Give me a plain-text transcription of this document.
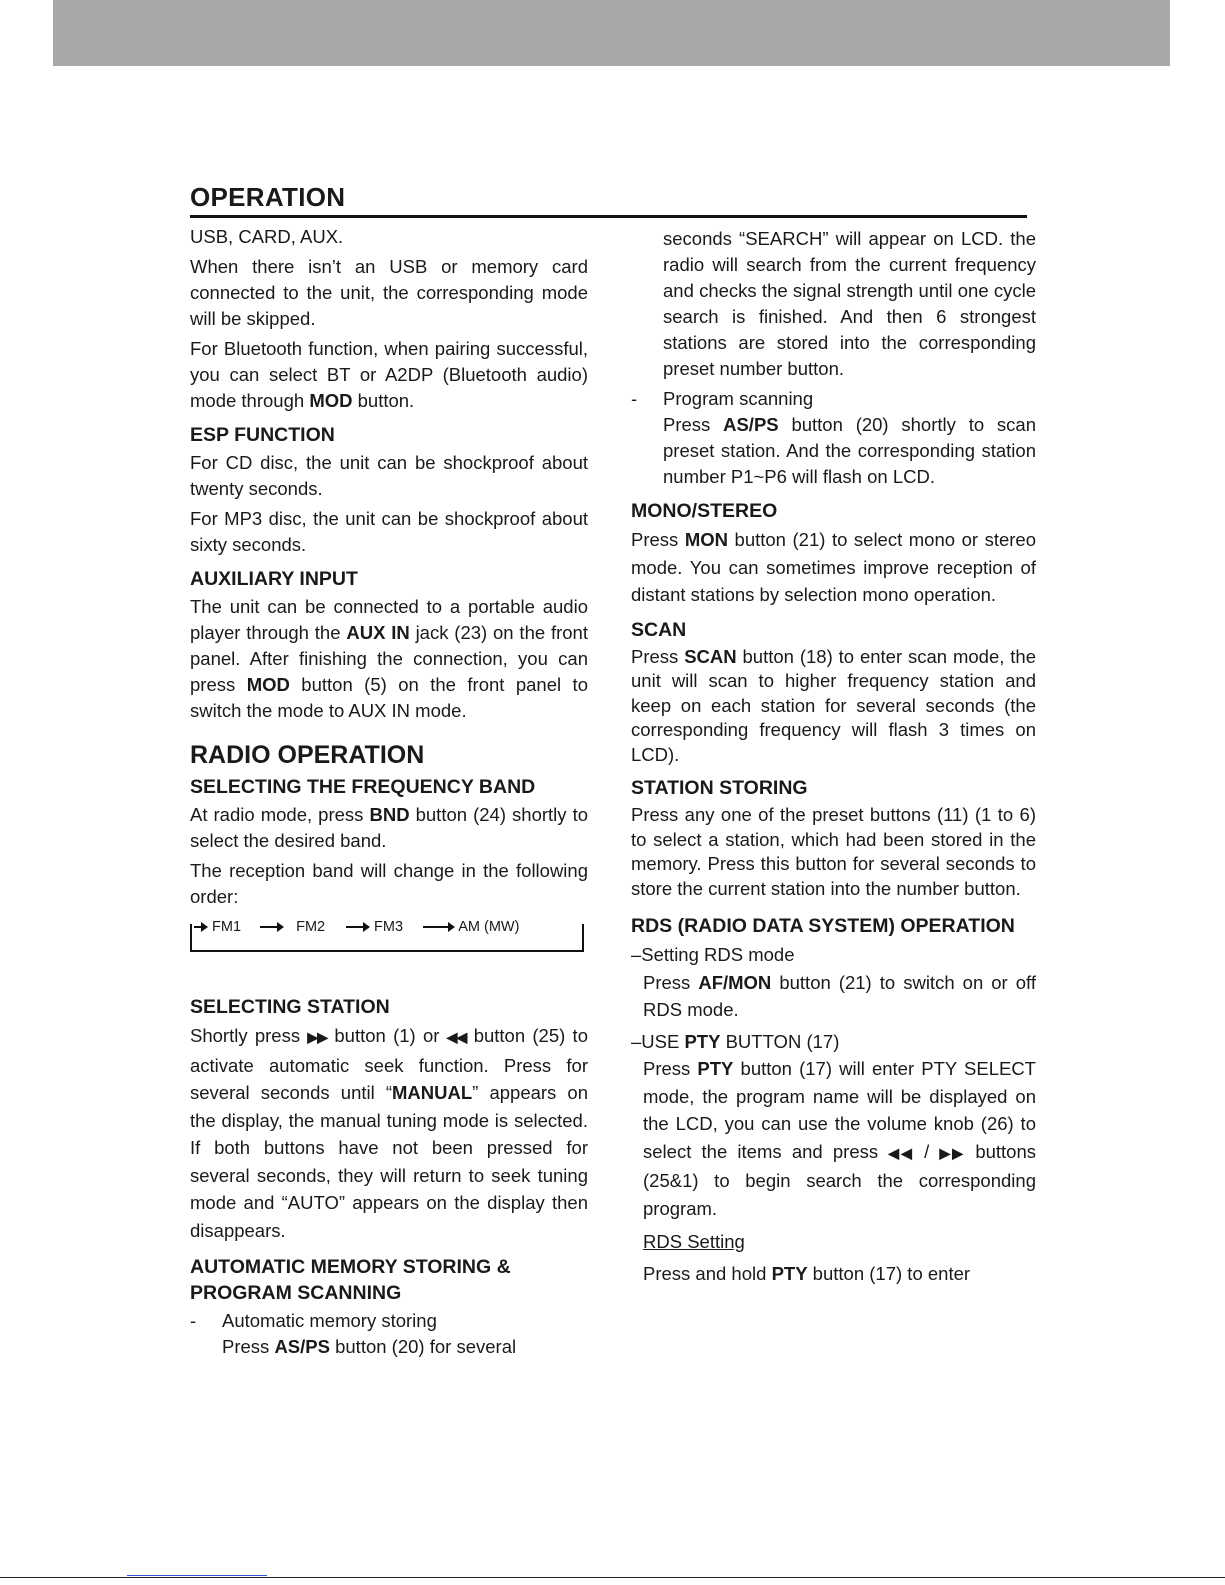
OPERATION

USB, CARD, AUX.

When there isn’t an USB or memory card connected to the unit, the corresponding mode will be skipped.

For Bluetooth function, when pairing successful, you can select BT or A2DP (Bluetooth audio) mode through MOD button.

ESP FUNCTION

For CD disc, the unit can be shockproof about twenty seconds.

For MP3 disc, the unit can be shockproof about sixty seconds.

AUXILIARY INPUT

The unit can be connected to a portable audio player through the AUX IN jack (23) on the front panel. After finishing the connection, you can press MOD button (5) on the front panel to switch the mode to AUX IN mode.

RADIO OPERATION
SELECTING THE FREQUENCY BAND

At radio mode, press BND button (24) shortly to select the desired band.

The reception band will change in the following order:

FM1	FM2	FM3	AM (MW)
SELECTING STATION

Shortly press ▶▶ button (1) or ◀◀ button (25) to activate automatic seek function. Press for several seconds until “MANUAL” appears on the display, the manual tuning mode is selected. If both buttons have not been pressed for several seconds, they will return to seek tuning mode and “AUTO” appears on the display then disappears.

AUTOMATIC MEMORY STORING & PROGRAM SCANNING
- Automatic memory storing
Press AS/PS button (20) for several

seconds “SEARCH” will appear on LCD. the radio will search from the current frequency and checks the signal strength until one cycle search is finished. And then 6 strongest stations are stored into the corresponding preset number button.

- Program scanning

Press AS/PS button (20) shortly to scan preset station. And the corresponding station number P1~P6 will flash on LCD.

MONO/STEREO

Press MON button (21) to select mono or stereo mode. You can sometimes improve reception of distant stations by selection mono operation.

SCAN

Press SCAN button (18) to enter scan mode, the unit will scan to higher frequency station and keep on each station for several seconds (the corresponding frequency will flash 3 times on LCD).

STATION STORING

Press any one of the preset buttons (11) (1 to 6) to select a station, which had been stored in the memory. Press this button for several seconds to store the current station into the number button.

RDS (RADIO DATA SYSTEM) OPERATION
–Setting RDS mode

Press AF/MON button (21) to switch on or off RDS mode.

–USE PTY BUTTON (17)

Press PTY button (17) will enter PTY SELECT mode, the program name will be displayed on the LCD, you can use the volume knob (26) to select the items and press ◀◀ / ▶▶ buttons (25&1) to begin search the corresponding program.

RDS Setting

Press and hold PTY button (17) to enter
